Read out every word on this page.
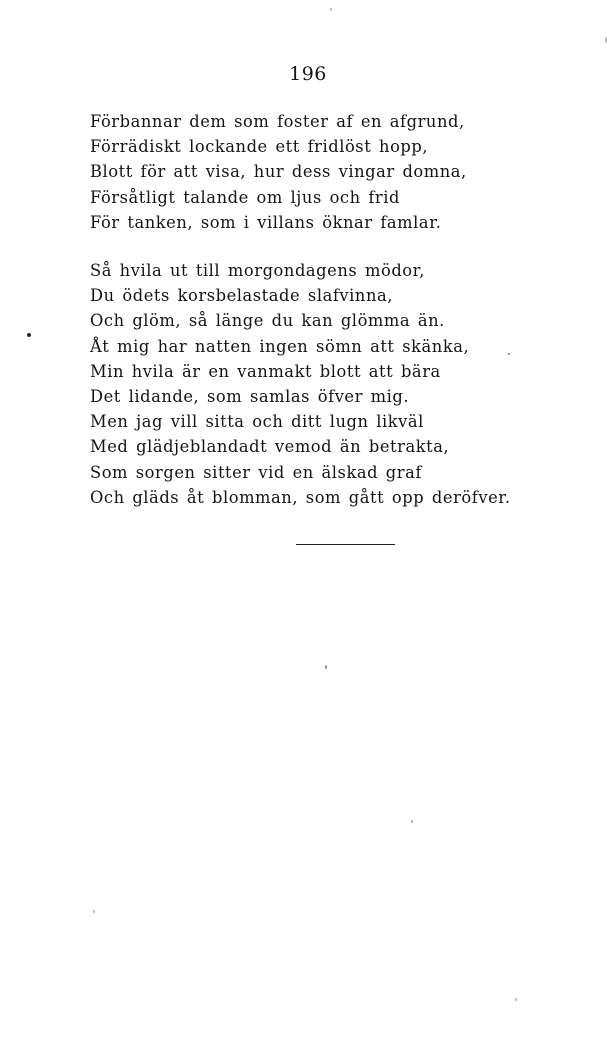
196
Förbannar dem som foster af en afgrund,
Förrädiskt lockande ett fridlöst hopp,
Blott för att visa, hur dess vingar domna,
Försåtligt talande om ljus och frid
För tanken, som i villans öknar famlar.
Så hvila ut till morgondagens mödor,
Du ödets korsbelastade slafvinna,
Och glöm, så länge du kan glömma än.
Åt mig har natten ingen sömn att skänka,
Min hvila är en vanmakt blott att bära
Det lidande, som samlas öfver mig.
Men jag vill sitta och ditt lugn likväl
Med glädjeblandadt vemod än betrakta,
Som sorgen sitter vid en älskad graf
Och gläds åt blomman, som gått opp deröfver.
